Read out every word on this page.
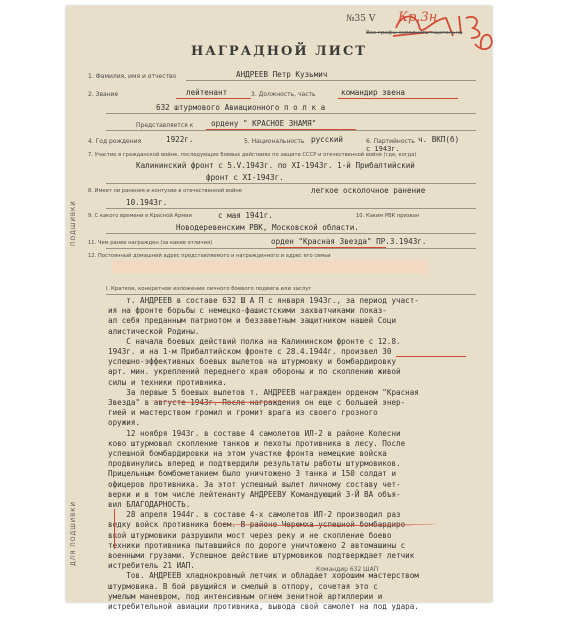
№35 V Кр.3н
Все графы заполнять тщательно
НАГРАДНОЙ ЛИСТ
ПОДШИВКИ
ДЛЯ ПОДШИВКИ
1. Фамилия, имя и отчество	АНДРЕЕВ Петр Кузьмич
2. Звание	лейтенант	3. Должность, часть	командир звена
632 штурмового Авиационного п о л к а
Представляется к ордену " КРАСНОЕ ЗНАМЯ"
4. Год рождения	1922г.	5. Национальность русский	6. Партийность ч. ВКП(б)
с 1943г.
7. Участие в гражданской войне, последующих боевых действиях по защите СССР и отечественной войне (где, когда)
Калининский фронт с 5.V.1943г. по XI-1943г. 1-й Прибалтийский
фронт с XI-1943г.
8. Имеет ли ранения и контузии в отечественной войне	легкое осколочное ранение
10.1943г.
9. С какого времени в Красной Армии	с мая 1941г.	10. Каким РВК призван
Новодеревенским РВК, Московской области.
11. Чем ранее награжден (за какие отличия)	орден "Красная Звезда" ПР.3.1943г.
12. Постоянный домашний адрес представляемого и награжденного и адрес его семьи
I. Краткое, конкретное изложение личного боевого подвига или заслуг
т. АНДРЕЕВ в составе 632 Ш А П с января 1943г., за период участ-
ия на фронте борьбы с немецко-фашистскими захватчиками показ-
ал себя преданным патриотом и беззаветным защитником нашей Соци
алистической Родины.
С начала боевых действий полка на Калининском фронте с 12.8.
1943г. и на 1-м Прибалтийском фронте с 28.4.1944г. произвел 30
успешно-эффективных боевых вылетов на штурмовку и бомбардировку
арт. мин. укреплений переднего края обороны и по скоплению живой
силы и техники противника.
За первые 5 боевых вылетов т. АНДРЕЕВ награжден орденом "Красная
Звезда" в августе 1943г. После награждения он еще с большей энер-
гией и мастерством громил и громит врага из своего грозного
оружия.
12 ноября 1943г. в составе 4 самолетов ИЛ-2 в районе Колесни
ково штурмовал скопление танков и пехоты противника в лесу. После
успешной бомбардировки на этом участке фронта немецкие войска
продвинулись вперед и подтвердили результаты работы штурмовиков.
Прицельным бомбометанием было уничтожено 3 танка и 150 солдат и
офицеров противника. За этот успешный вылет личному составу чет-
верки и в том числе лейтенанту АНДРЕЕВУ Командующий 3-Й ВА объя-
вил БЛАГОДАРНОСТЬ.
28 апреля 1944г. в составе 4-х самолетов ИЛ-2 производил раз
ведку войск противника боем. В районе Черемха успешной бомбардиро-
вкой штурмовики разрушили мост через реку и не скопление боево
техники противника пытавшийся по дороге уничтожено 2 автомашины с
военными грузами. Успешное действие штурмовиков подтверждает летчик
истребитель 21 ИАП.
Тов. АНДРЕЕВ хладнокровный летчик и обладает хорошим мастерством
штурмовика. В бой рвущийся и смелый в отпору, сочетая это с
умелым маневром, под интенсивным огнем зенитной артиллерии и
истребительной авиации противника, вывода свой самолет на под удара.
Командир 632 ШАП
